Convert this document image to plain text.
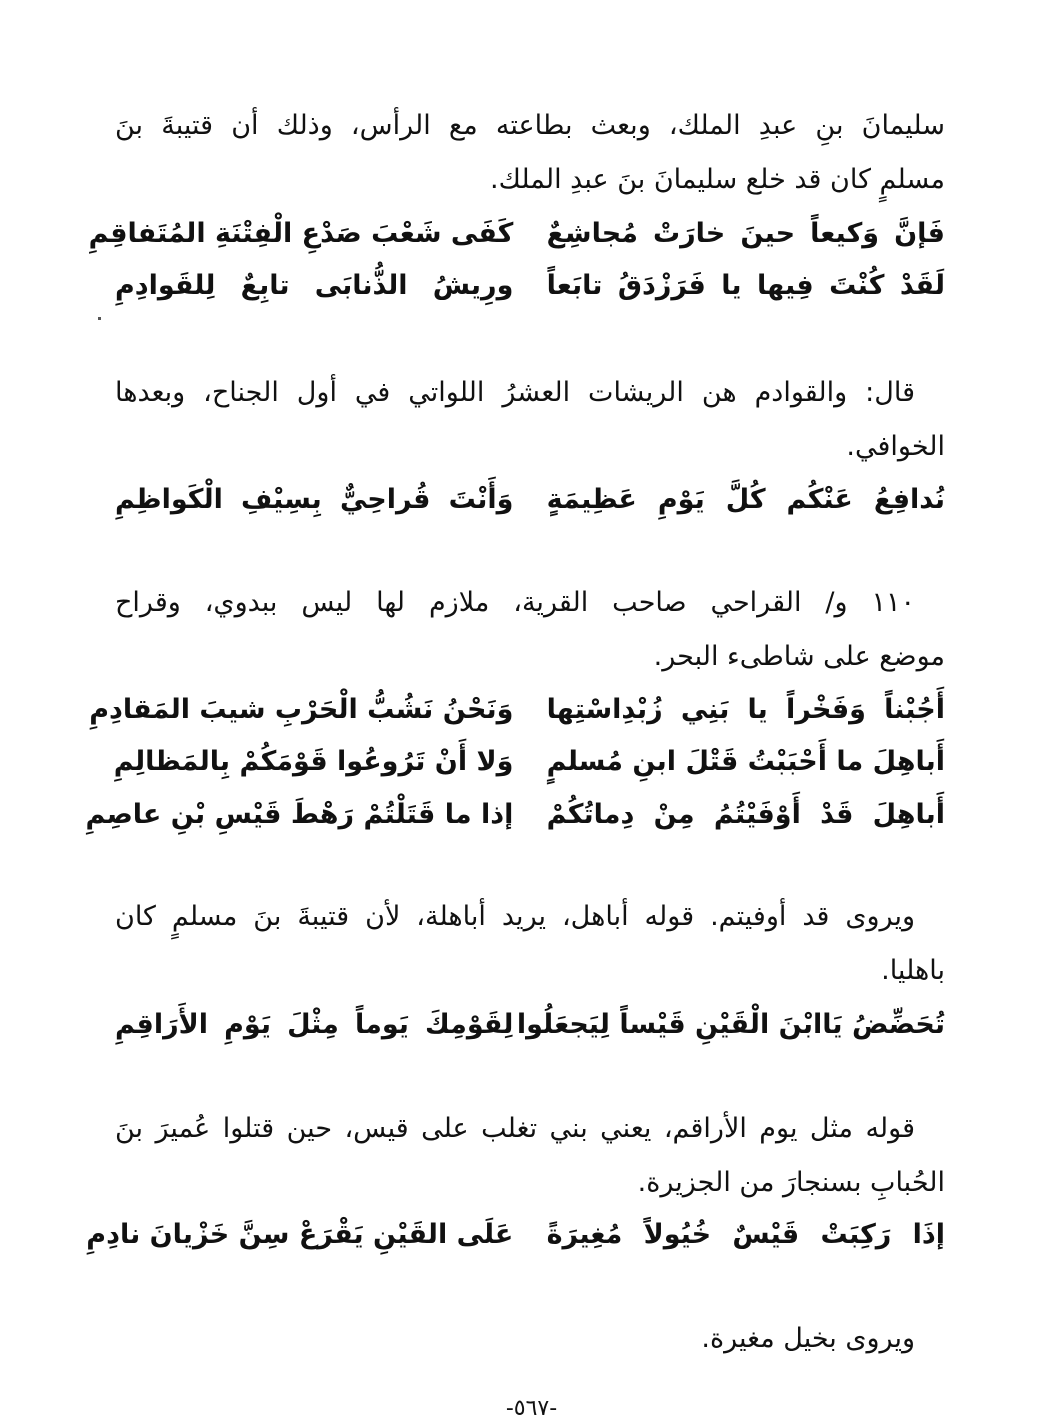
سليمانَ بنِ عبدِ الملك، وبعث بطاعته مع الرأس، وذلك أن قتيبةَ بنَ
مسلمٍ كان قد خلع سليمانَ بنَ عبدِ الملك.
فَإنَّ وَكيعاً حينَ خارَتْ مُجاشِعٌ
كَفَى شَعْبَ صَدْعِ الْفِتْنَةِ المُتَفاقِمِ
لَقَدْ كُنْتَ فِيها يا فَرَزْدَقُ تابَعاً
ورِيشُ الذُّنابَى تابِعٌ لِلقَوادِمِ
قال: والقوادم هن الريشات العشرُ اللواتي في أول الجناح، وبعدها
الخوافي.
نُدافِعُ عَنْكُم كُلَّ يَوْمِ عَظِيمَةٍ
وَأَنْتَ قُراحِيٌّ بِسِيْفِ الْكَواظِمِ
١١٠ و/ القراحي صاحب القرية، ملازم لها ليس ببدوي، وقراح
موضع على شاطىء البحر.
أَجُبْناً وَفَخْراً يا بَنِي زُبْدِاسْتِها
وَنَحْنُ نَشُبُّ الْحَرْبِ شيبَ المَقادِمِ
أَباهِلَ ما أَحْبَبْتُ قَتْلَ ابنِ مُسلمٍ
وَلا أَنْ تَرُوعُوا قَوْمَكُمْ بِالمَظالِمِ
أَباهِلَ قَدْ أَوْفَيْتُمُ مِنْ دِماتُكُمْ
إذا ما قَتَلْتُمْ رَهْطَ قَيْسِ بْنِ عاصِمِ
ويروى قد أوفيتم. قوله أباهل، يريد أباهلة، لأن قتيبةَ بنَ مسلمٍ كان
باهليا.
تُحَضِّضُ يَاابْنَ الْقَيْنِ قَيْساً لِيَجعَلُوا
لِقَوْمِكَ يَوماً مِثْلَ يَوْمِ الأَرَاقِمِ
قوله مثل يوم الأراقم، يعني بني تغلب على قيس، حين قتلوا عُميرَ بنَ
الحُبابِ بسنجارَ من الجزيرة.
إذَا رَكِبَتْ قَيْسٌ خُيُولاً مُغِيرَةً
عَلَى القَيْنِ يَقْرَعْ سِنَّ خَزْيانَ نادِمِ
ويروى بخيل مغيرة.
-٥٦٧-
